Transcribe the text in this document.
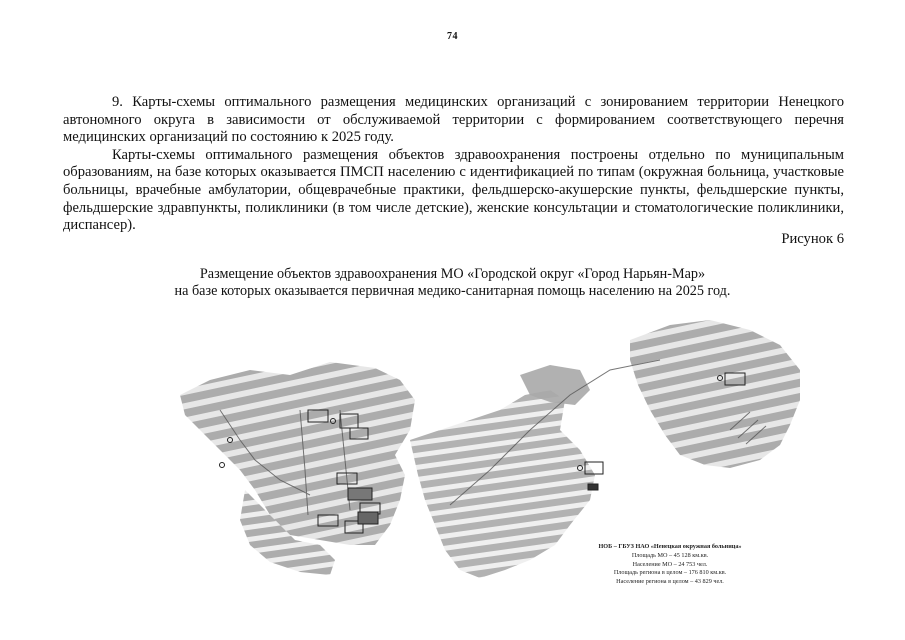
74

9. Карты-схемы оптимального размещения медицинских организаций с зонированием территории Ненецкого автономного округа в зависимости от обслуживаемой территории с формированием соответствующего перечня медицинских организаций по состоянию к 2025 году.

Карты-схемы оптимального размещения объектов здравоохранения построены отдельно по муниципальным образованиям, на базе которых оказывается ПМСП населению с идентификацией по типам (окружная больница, участковые больницы, врачебные амбулатории, общеврачебные практики, фельдшерско-акушерские пункты, фельдшерские пункты, фельдшерские здравпункты, поликлиники (в том числе детские), женские консультации и стоматологические поликлиники, диспансер).

Рисунок 6
Размещение объектов здравоохранения МО «Городской округ «Город Нарьян-Мар»
на базе которых оказывается первичная медико-санитарная помощь населению на 2025 год.
НОБ – ГБУЗ НАО «Ненецкая окружная больница»
Площадь МО – 45 128 км.кв.
Население МО – 24 753 чел.
Площадь региона в целом – 176 810 км.кв.
Население региона в целом – 43 829 чел.
